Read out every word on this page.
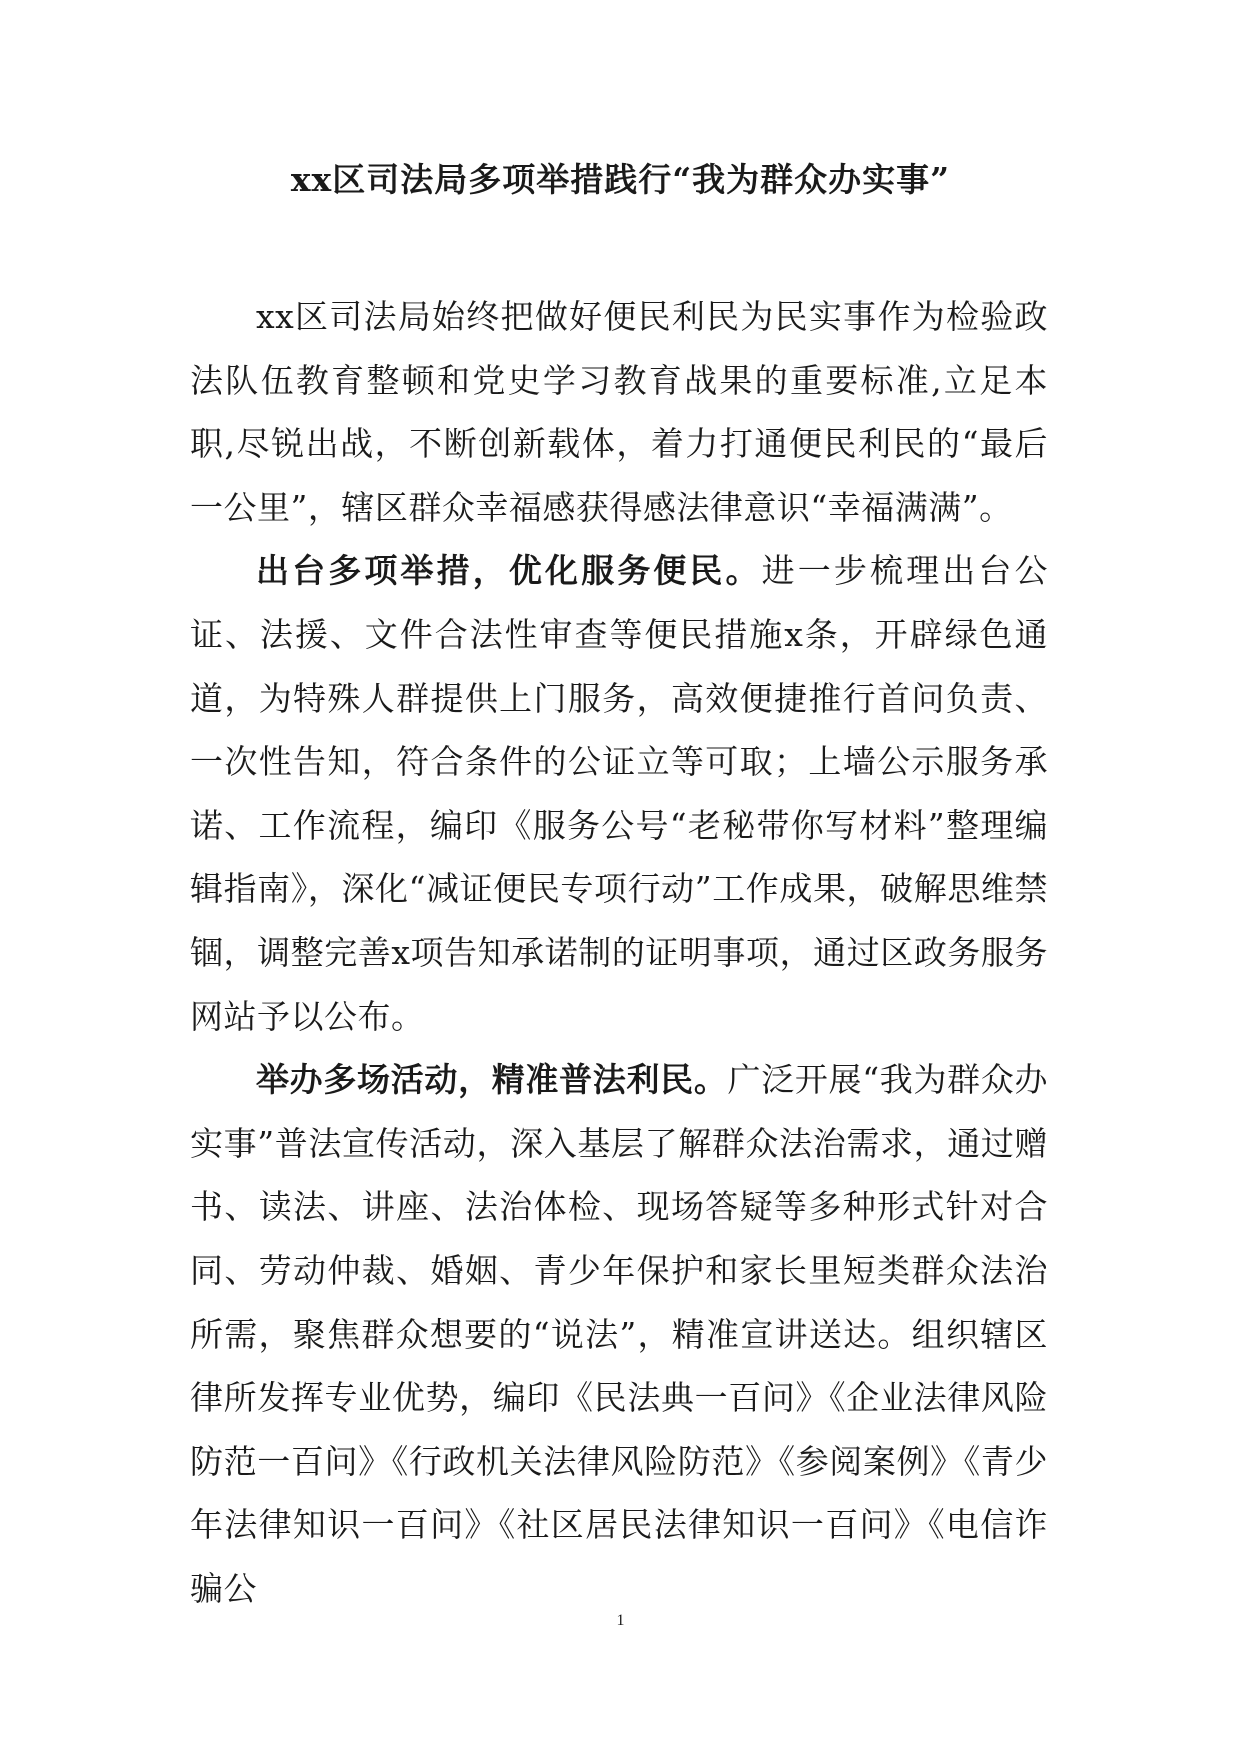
xx区司法局多项举措践行“我为群众办实事”

xx区司法局始终把做好便民利民为民实事作为检验政法队伍教育整顿和党史学习教育战果的重要标准,立足本职,尽锐出战，不断创新载体，着力打通便民利民的“最后一公里”，辖区群众幸福感获得感法律意识“幸福满满”。

出台多项举措，优化服务便民。进一步梳理出台公证、法援、文件合法性审查等便民措施x条，开辟绿色通道，为特殊人群提供上门服务，高效便捷推行首问负责、一次性告知，符合条件的公证立等可取；上墙公示服务承诺、工作流程，编印《服务公号“老秘带你写材料”整理编辑指南》，深化“减证便民专项行动”工作成果，破解思维禁锢，调整完善x项告知承诺制的证明事项，通过区政务服务网站予以公布。

举办多场活动，精准普法利民。广泛开展“我为群众办实事”普法宣传活动，深入基层了解群众法治需求，通过赠书、读法、讲座、法治体检、现场答疑等多种形式针对合同、劳动仲裁、婚姻、青少年保护和家长里短类群众法治所需，聚焦群众想要的“说法”，精准宣讲送达。组织辖区律所发挥专业优势，编印《民法典一百问》《企业法律风险防范一百问》《行政机关法律风险防范》《参阅案例》《青少年法律知识一百问》《社区居民法律知识一百问》《电信诈骗公

1
